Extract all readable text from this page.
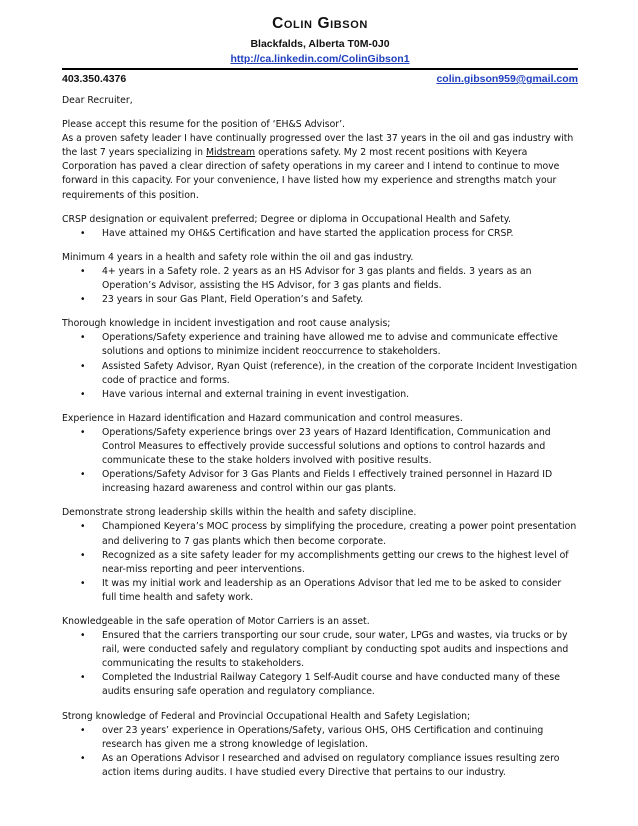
Colin Gibson
Blackfalds, Alberta T0M-0J0
http://ca.linkedin.com/ColinGibson1
403.350.4376	colin.gibson959@gmail.com

Dear Recruiter,

Please accept this resume for the position of ‘EH&S Advisor’.

As a proven safety leader I have continually progressed over the last 37 years in the oil and gas industry with the last 7 years specializing in Midstream operations safety. My 2 most recent positions with Keyera Corporation has paved a clear direction of safety operations in my career and I intend to continue to move forward in this capacity. For your convenience, I have listed how my experience and strengths match your requirements of this position.

CRSP designation or equivalent preferred; Degree or diploma in Occupational Health and Safety.

• Have attained my OH&S Certification and have started the application process for CRSP.

Minimum 4 years in a health and safety role within the oil and gas industry.

• 4+ years in a Safety role. 2 years as an HS Advisor for 3 gas plants and fields. 3 years as an Operation’s Advisor, assisting the HS Advisor, for 3 gas plants and fields.
• 23 years in sour Gas Plant, Field Operation’s and Safety.

Thorough knowledge in incident investigation and root cause analysis;

• Operations/Safety experience and training have allowed me to advise and communicate effective solutions and options to minimize incident reoccurrence to stakeholders.
• Assisted Safety Advisor, Ryan Quist (reference), in the creation of the corporate Incident Investigation code of practice and forms.
• Have various internal and external training in event investigation.

Experience in Hazard identification and Hazard communication and control measures.

• Operations/Safety experience brings over 23 years of Hazard Identification, Communication and Control Measures to effectively provide successful solutions and options to control hazards and communicate these to the stake holders involved with positive results.
• Operations/Safety Advisor for 3 Gas Plants and Fields I effectively trained personnel in Hazard ID increasing hazard awareness and control within our gas plants.

Demonstrate strong leadership skills within the health and safety discipline.

• Championed Keyera’s MOC process by simplifying the procedure, creating a power point presentation and delivering to 7 gas plants which then become corporate.
• Recognized as a site safety leader for my accomplishments getting our crews to the highest level of near-miss reporting and peer interventions.
• It was my initial work and leadership as an Operations Advisor that led me to be asked to consider full time health and safety work.

Knowledgeable in the safe operation of Motor Carriers is an asset.

• Ensured that the carriers transporting our sour crude, sour water, LPGs and wastes, via trucks or by rail, were conducted safely and regulatory compliant by conducting spot audits and inspections and communicating the results to stakeholders.
• Completed the Industrial Railway Category 1 Self-Audit course and have conducted many of these audits ensuring safe operation and regulatory compliance.

Strong knowledge of Federal and Provincial Occupational Health and Safety Legislation;

• over 23 years’ experience in Operations/Safety, various OHS, OHS Certification and continuing research has given me a strong knowledge of legislation.
• As an Operations Advisor I researched and advised on regulatory compliance issues resulting zero action items during audits. I have studied every Directive that pertains to our industry.
